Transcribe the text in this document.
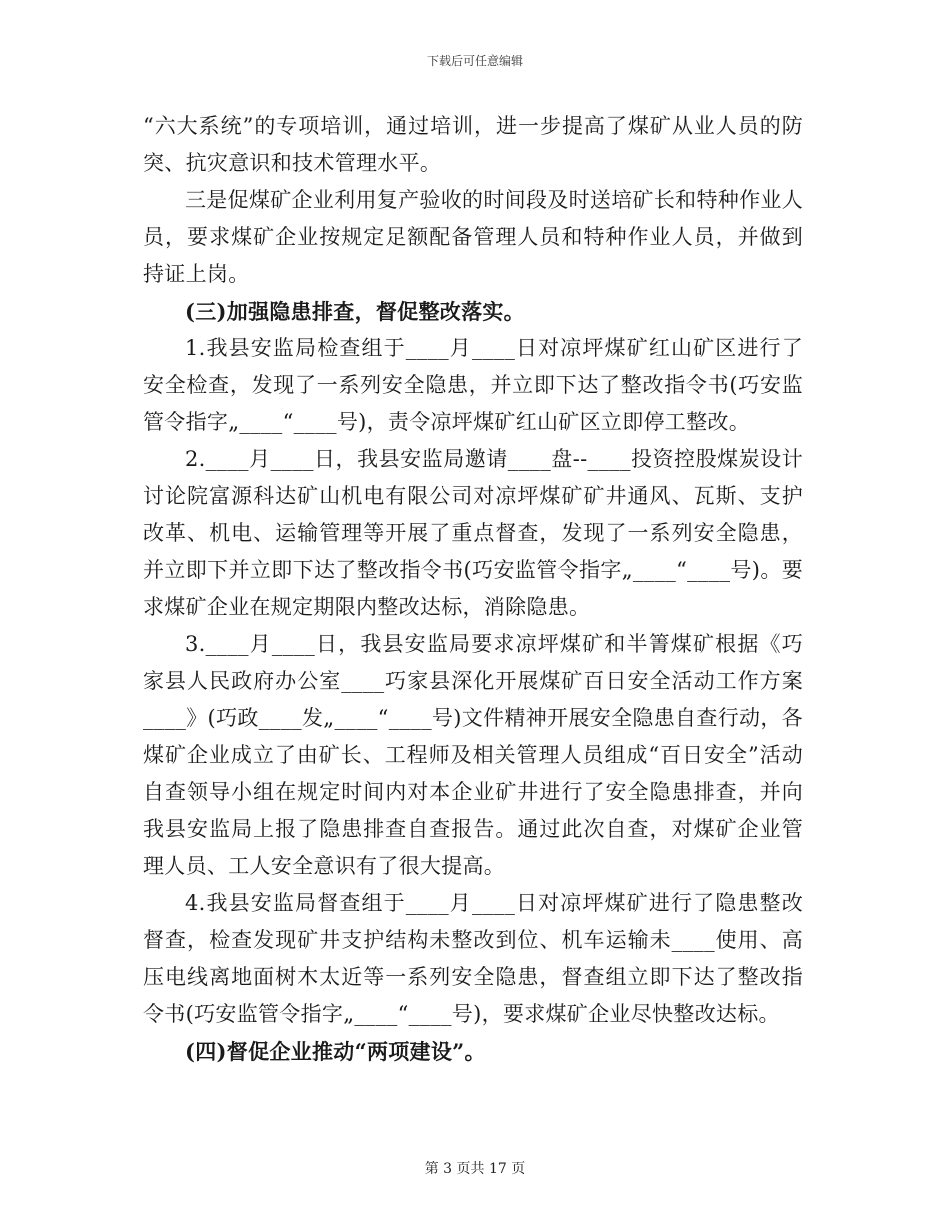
下载后可任意编辑

“六大系统”的专项培训，通过培训，进一步提高了煤矿从业人员的防突、抗灾意识和技术管理水平。

三是促煤矿企业利用复产验收的时间段及时送培矿长和特种作业人员，要求煤矿企业按规定足额配备管理人员和特种作业人员，并做到持证上岗。

(三)加强隐患排查，督促整改落实。

1.我县安监局检查组于____月____日对凉坪煤矿红山矿区进行了安全检查，发现了一系列安全隐患，并立即下达了整改指令书(巧安监管令指字„____“____号)，责令凉坪煤矿红山矿区立即停工整改。

2.____月____日，我县安监局邀请____盘--____投资控股煤炭设计讨论院富源科达矿山机电有限公司对凉坪煤矿矿井通风、瓦斯、支护改革、机电、运输管理等开展了重点督查，发现了一系列安全隐患，并立即下并立即下达了整改指令书(巧安监管令指字„____“____号)。要求煤矿企业在规定期限内整改达标，消除隐患。

3.____月____日，我县安监局要求凉坪煤矿和半箐煤矿根据《巧家县人民政府办公室____巧家县深化开展煤矿百日安全活动工作方案____》(巧政____发„____“____号)文件精神开展安全隐患自查行动，各煤矿企业成立了由矿长、工程师及相关管理人员组成“百日安全”活动自查领导小组在规定时间内对本企业矿井进行了安全隐患排查，并向我县安监局上报了隐患排查自查报告。通过此次自查，对煤矿企业管理人员、工人安全意识有了很大提高。

4.我县安监局督查组于____月____日对凉坪煤矿进行了隐患整改督查，检查发现矿井支护结构未整改到位、机车运输未____使用、高压电线离地面树木太近等一系列安全隐患，督查组立即下达了整改指令书(巧安监管令指字„____“____号)，要求煤矿企业尽快整改达标。

(四)督促企业推动“两项建设”。

第 3 页共 17 页
